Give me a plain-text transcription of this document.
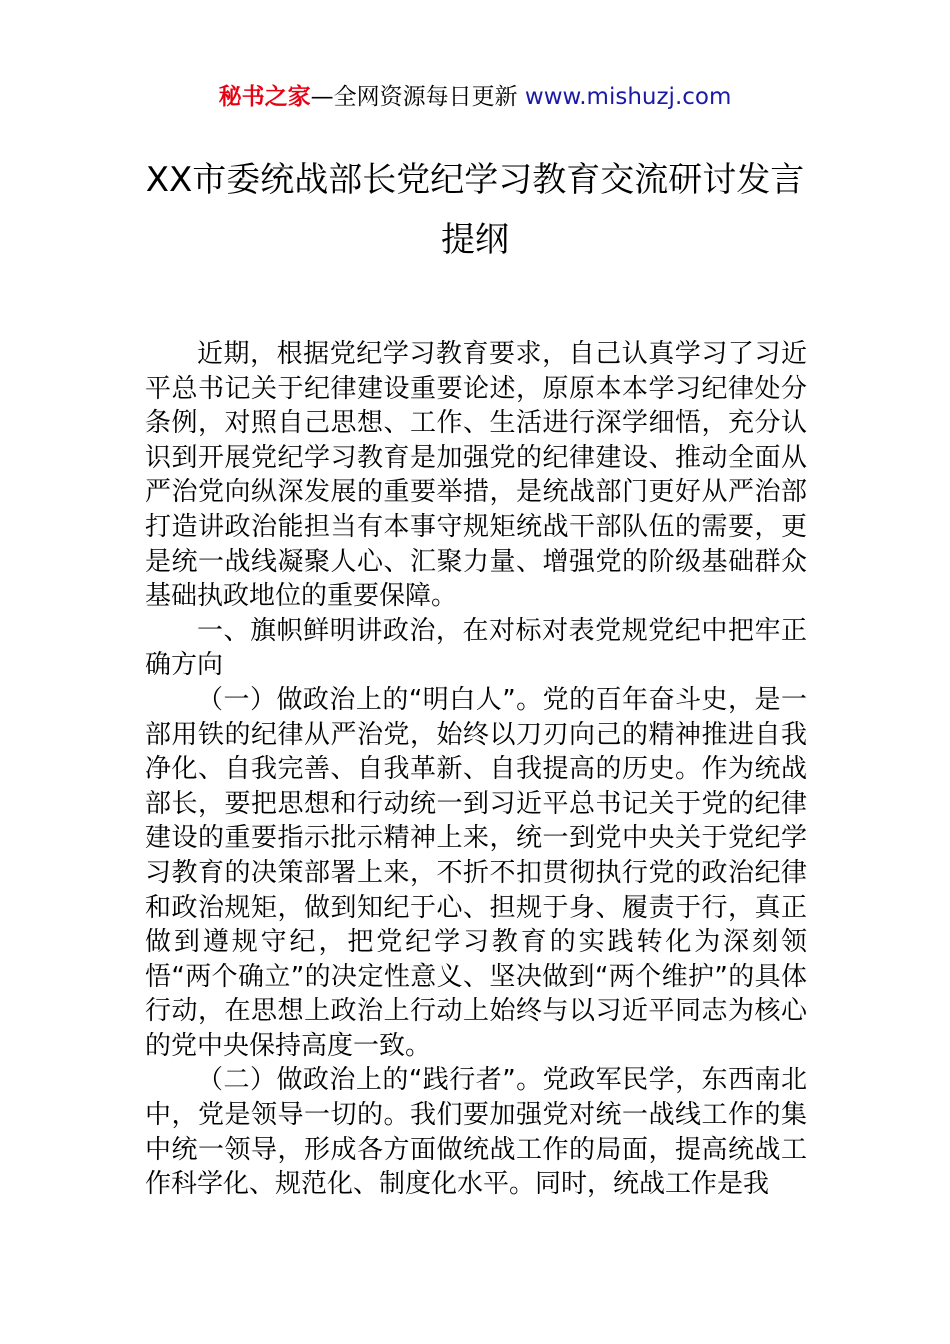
秘书之家—全网资源每日更新 www.mishuzj.com
XX市委统战部长党纪学习教育交流研讨发言提纲

近期，根据党纪学习教育要求，自己认真学习了习近平总书记关于纪律建设重要论述，原原本本学习纪律处分条例，对照自己思想、工作、生活进行深学细悟，充分认识到开展党纪学习教育是加强党的纪律建设、推动全面从严治党向纵深发展的重要举措，是统战部门更好从严治部打造讲政治能担当有本事守规矩统战干部队伍的需要，更是统一战线凝聚人心、汇聚力量、增强党的阶级基础群众基础执政地位的重要保障。

一、旗帜鲜明讲政治，在对标对表党规党纪中把牢正确方向

（一）做政治上的“明白人”。党的百年奋斗史，是一部用铁的纪律从严治党，始终以刀刃向己的精神推进自我净化、自我完善、自我革新、自我提高的历史。作为统战部长，要把思想和行动统一到习近平总书记关于党的纪律建设的重要指示批示精神上来，统一到党中央关于党纪学习教育的决策部署上来，不折不扣贯彻执行党的政治纪律和政治规矩，做到知纪于心、担规于身、履责于行，真正做到遵规守纪，把党纪学习教育的实践转化为深刻领悟“两个确立”的决定性意义、坚决做到“两个维护”的具体行动，在思想上政治上行动上始终与以习近平同志为核心的党中央保持高度一致。

（二）做政治上的“践行者”。党政军民学，东西南北中，党是领导一切的。我们要加强党对统一战线工作的集中统一领导，形成各方面做统战工作的局面，提高统战工作科学化、规范化、制度化水平。同时，统战工作是我
